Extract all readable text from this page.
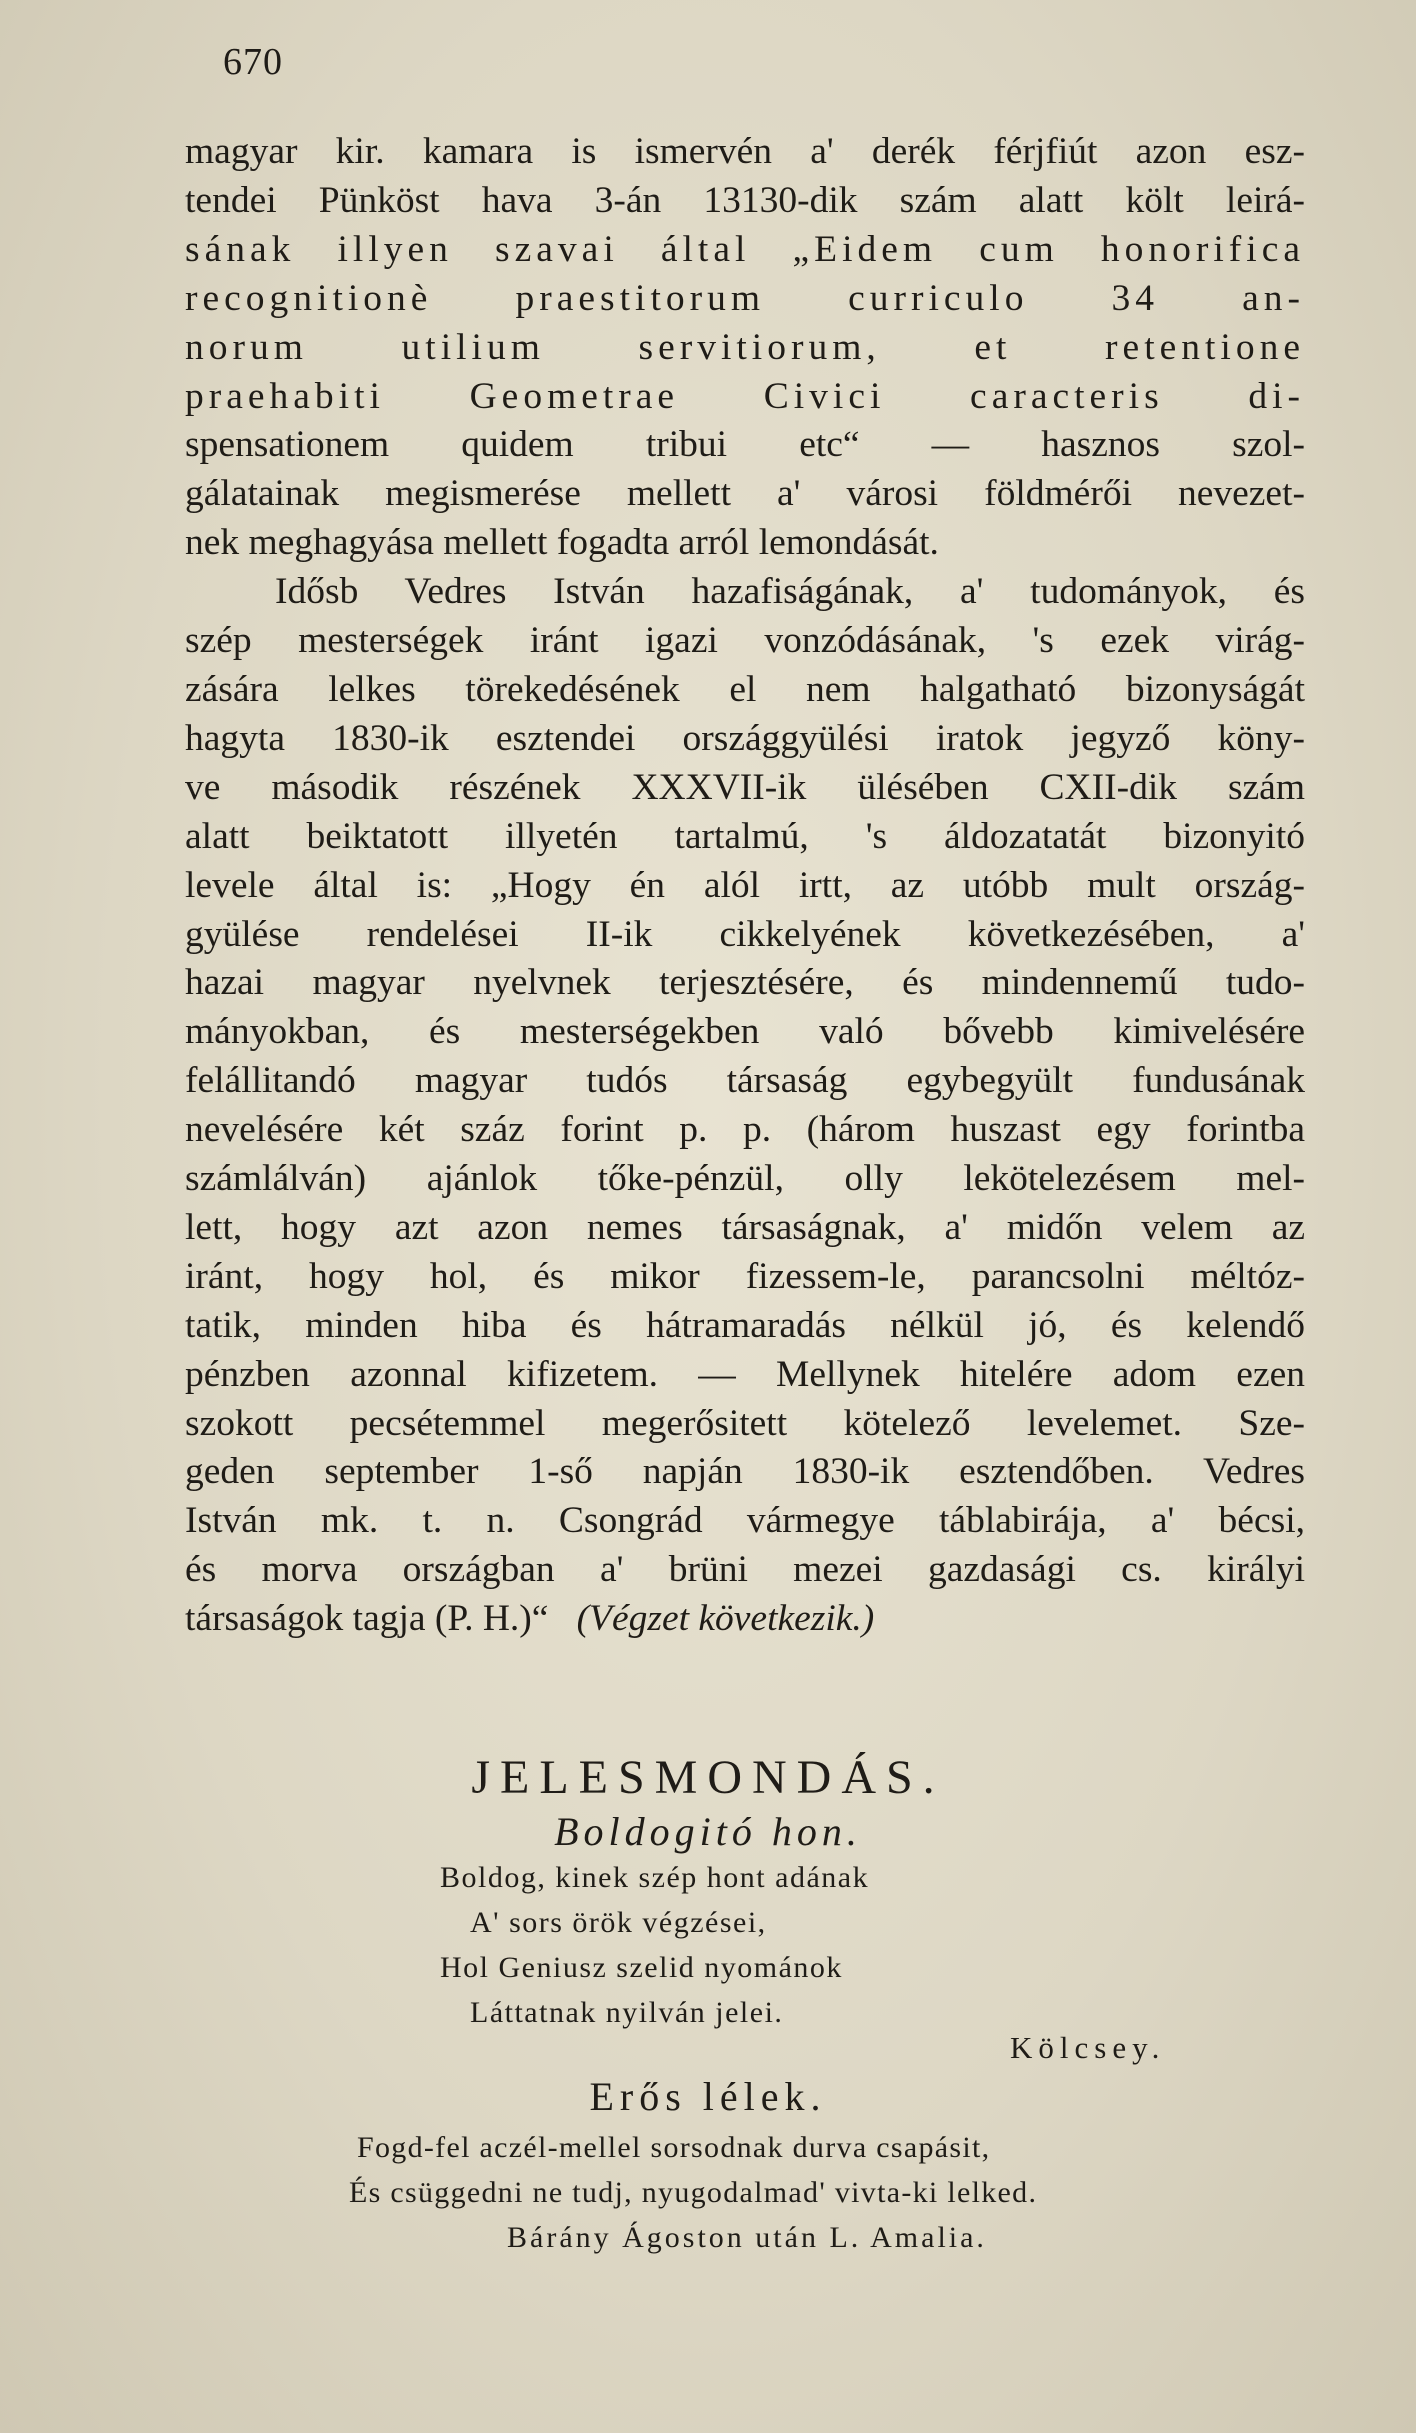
670
magyar kir. kamara is ismervén a' derék férjfiút azon esz-
tendei Pünköst hava 3-án 13130-dik szám alatt költ leirá-
sának illyen szavai által „Eidem cum honorifica
recognitionè praestitorum curriculo 34 an-
norum utilium servitiorum, et retentione
praehabiti Geometrae Civici caracteris di-
spensationem quidem tribui etc“ — hasznos szol-
gálatainak megismerése mellett a' városi földmérői nevezet-
nek meghagyása mellett fogadta arról lemondását.
Idősb Vedres István hazafiságának, a' tudományok, és
szép mesterségek iránt igazi vonzódásának, 's ezek virág-
zására lelkes törekedésének el nem halgatható bizonyságát
hagyta 1830-ik esztendei országgyülési iratok jegyző köny-
ve második részének XXXVII-ik ülésében CXII-dik szám
alatt beiktatott illyetén tartalmú, 's áldozatatát bizonyitó
levele által is: „Hogy én alól irtt, az utóbb mult ország-
gyülése rendelései II-ik cikkelyének következésében, a'
hazai magyar nyelvnek terjesztésére, és mindennemű tudo-
mányokban, és mesterségekben való bővebb kimivelésére
felállitandó magyar tudós társaság egybegyült fundusának
nevelésére két száz forint p. p. (három huszast egy forintba
számlálván) ajánlok tőke-pénzül, olly lekötelezésem mel-
lett, hogy azt azon nemes társaságnak, a' midőn velem az
iránt, hogy hol, és mikor fizessem-le, parancsolni méltóz-
tatik, minden hiba és hátramaradás nélkül jó, és kelendő
pénzben azonnal kifizetem. — Mellynek hitelére adom ezen
szokott pecsétemmel megerősitett kötelező levelemet. Sze-
geden september 1-ső napján 1830-ik esztendőben. Vedres
István mk. t. n. Csongrád vármegye táblabirája, a' bécsi,
és morva országban a' brüni mezei gazdasági cs. királyi
társaságok tagja (P. H.)“ (Végzet következik.)
JELESMONDÁS.
Boldogitó hon.
Boldog, kinek szép hont adának
A' sors örök végzései,
Hol Geniusz szelid nyománok
Láttatnak nyilván jelei.
Kölcsey.
Erős lélek.
Fogd-fel aczél-mellel sorsodnak durva csapásit,
És csüggedni ne tudj, nyugodalmad' vivta-ki lelked.
Bárány Ágoston után L. Amalia.
